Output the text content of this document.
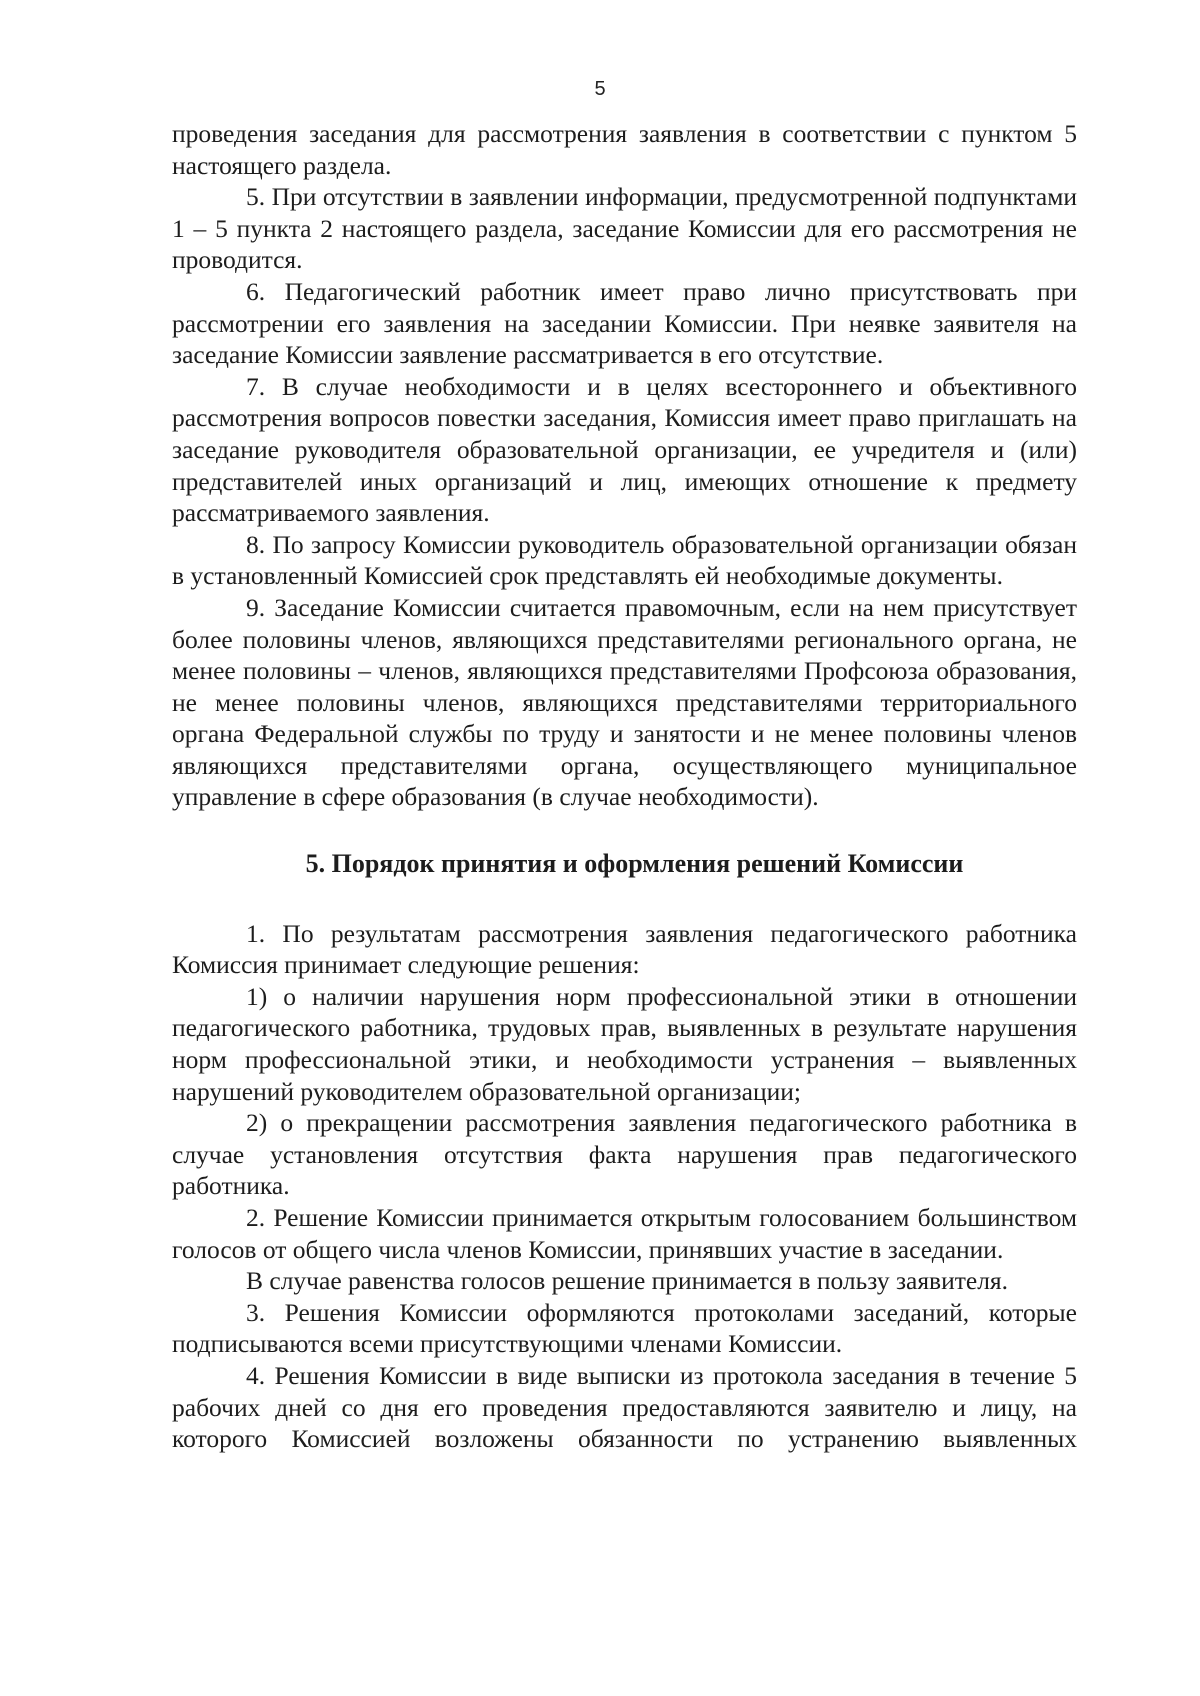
5

проведения заседания для рассмотрения заявления в соответствии с пунктом 5 настоящего раздела.

5. При отсутствии в заявлении информации, предусмотренной подпунктами 1 – 5 пункта 2 настоящего раздела, заседание Комиссии для его рассмотрения не проводится.

6. Педагогический работник имеет право лично присутствовать при рассмотрении его заявления на заседании Комиссии. При неявке заявителя на заседание Комиссии заявление рассматривается в его отсутствие.

7. В случае необходимости и в целях всестороннего и объективного рассмотрения вопросов повестки заседания, Комиссия имеет право приглашать на заседание руководителя образовательной организации, ее учредителя и (или) представителей иных организаций и лиц, имеющих отношение к предмету рассматриваемого заявления.

8. По запросу Комиссии руководитель образовательной организации обязан в установленный Комиссией срок представлять ей необходимые документы.

9. Заседание Комиссии считается правомочным, если на нем присутствует более половины членов, являющихся представителями регионального органа, не менее половины – членов, являющихся представителями Профсоюза образования, не менее половины членов, являющихся представителями территориального органа Федеральной службы по труду и занятости и не менее половины членов являющихся представителями органа, осуществляющего муниципальное управление в сфере образования (в случае необходимости).

5. Порядок принятия и оформления решений Комиссии

1. По результатам рассмотрения заявления педагогического работника Комиссия принимает следующие решения:

1) о наличии нарушения норм профессиональной этики в отношении педагогического работника, трудовых прав, выявленных в результате нарушения норм профессиональной этики, и необходимости устранения – выявленных нарушений руководителем образовательной организации;

2) о прекращении рассмотрения заявления педагогического работника в случае установления отсутствия факта нарушения прав педагогического работника.

2. Решение Комиссии принимается открытым голосованием большинством голосов от общего числа членов Комиссии, принявших участие в заседании.

В случае равенства голосов решение принимается в пользу заявителя.

3. Решения Комиссии оформляются протоколами заседаний, которые подписываются всеми присутствующими членами Комиссии.

4. Решения Комиссии в виде выписки из протокола заседания в течение 5 рабочих дней со дня его проведения предоставляются заявителю и лицу, на которого Комиссией возложены обязанности по устранению выявленных
